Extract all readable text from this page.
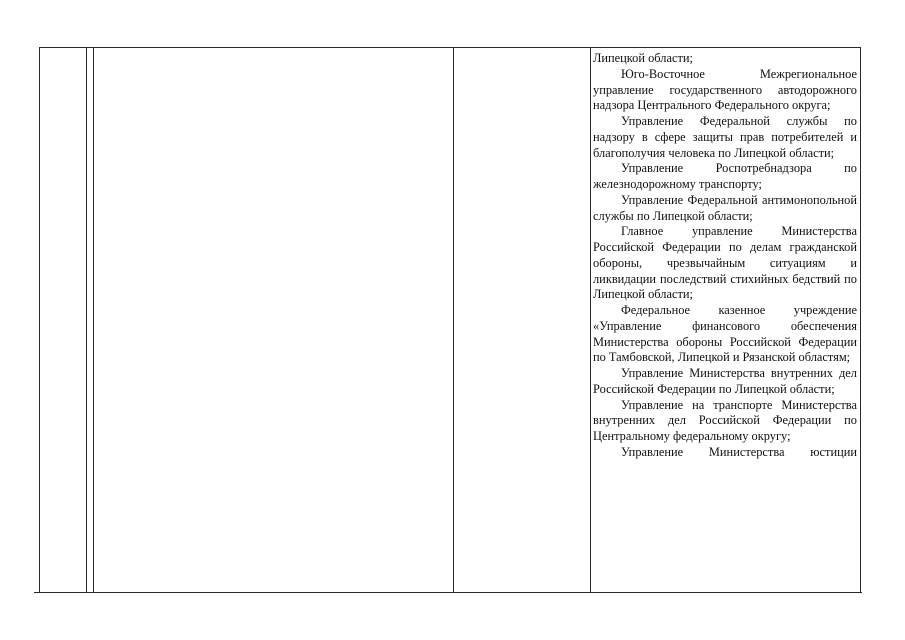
Липецкой области;

Юго-Восточное Межрегиональное управление государственного автодорожного надзора Центрального Федерального округа;

Управление Федеральной службы по надзору в сфере защиты прав потребителей и благополучия человека по Липецкой области;

Управление Роспотребнадзора по железнодорожному транспорту;

Управление Федеральной антимонопольной службы по Липецкой области;

Главное управление Министерства Российской Федерации по делам гражданской обороны, чрезвычайным ситуациям и ликвидации последствий стихийных бедствий по Липецкой области;

Федеральное казенное учреждение «Управление финансового обеспечения Министерства обороны Российской Федерации по Тамбовской, Липецкой и Рязанской областям;

Управление Министерства внутренних дел Российской Федерации по Липецкой области;

Управление на транспорте Министерства внутренних дел Российской Федерации по Центральному федеральному округу;

Управление Министерства юстиции
